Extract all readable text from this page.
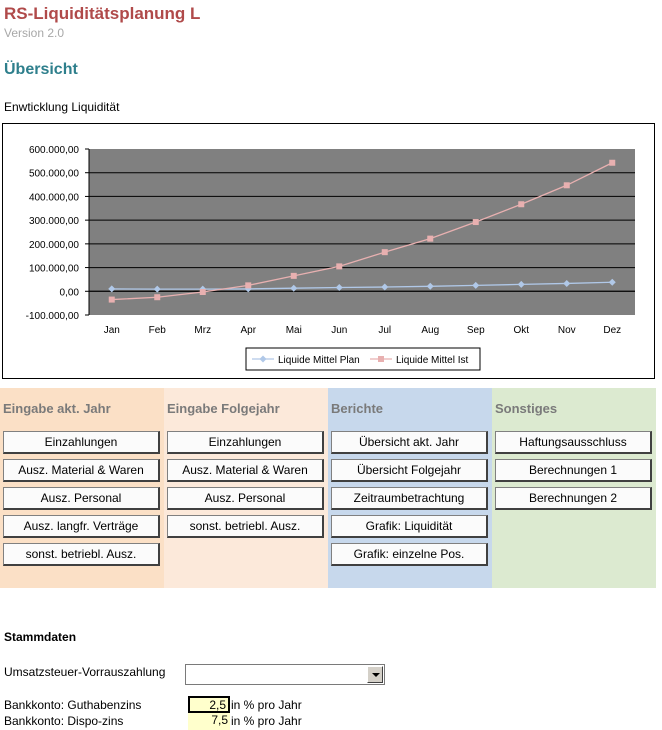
RS-Liquiditätsplanung L
Version 2.0
Übersicht
Enwticklung Liquidität
-100.000,00
0,00
100.000,00
200.000,00
300.000,00
400.000,00
500.000,00
600.000,00
Jan	Feb	Mrz	Apr	Mai	Jun	Jul	Aug	Sep	Okt	Nov	Dez
Liquide Mittel Plan	Liquide Mittel Ist
Eingabe akt. Jahr
Einzahlungen
Ausz. Material & Waren
Ausz. Personal
Ausz. langfr. Verträge
sonst. betriebl. Ausz.
Eingabe Folgejahr
Einzahlungen
Ausz. Material & Waren
Ausz. Personal
sonst. betriebl. Ausz.
Berichte
Übersicht akt. Jahr
Übersicht Folgejahr
Zeitraumbetrachtung
Grafik: Liquidität
Grafik: einzelne Pos.
Sonstiges
Haftungsausschluss
Berechnungen 1
Berechnungen 2
Stammdaten
Umsatzsteuer-Vorrauszahlung
Bankkonto: Guthabenzins	2,5 in % pro Jahr
Bankkonto: Dispo-zins	7,5 in % pro Jahr
